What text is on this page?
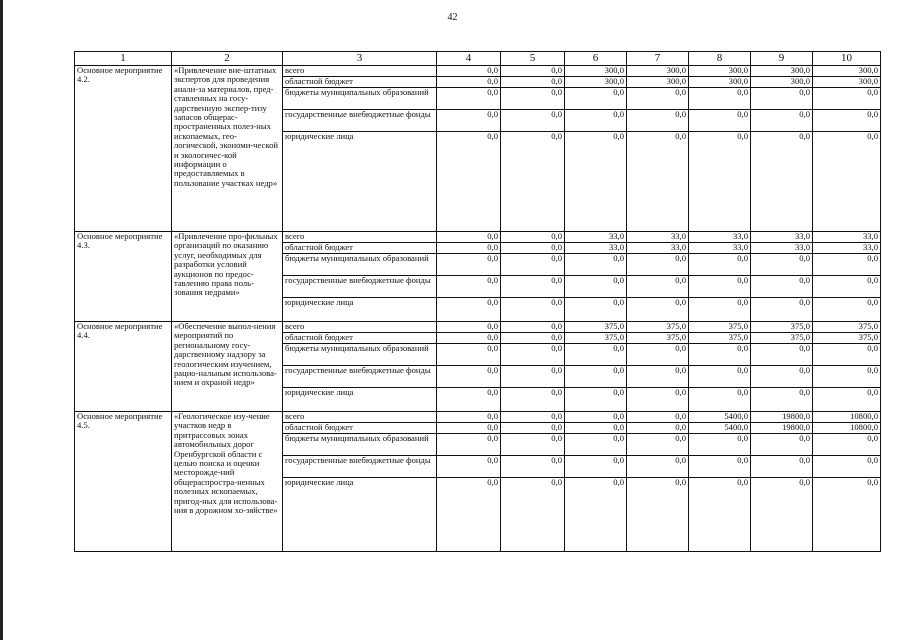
42
1	2	3	4	5	6	7	8	9	10
Основное мероприятие 4.2.	«Привлечение вне-штатных экспертов для проведения анали-за материалов, пред-ставленных на госу-дарственную экспер-тизу запасов общерас-пространенных полез-ных ископаемых, гео-логической, экономи-ческой и экологичес-кой информации о предоставляемых в пользование участках недр»	всего	0,0	0,0	300,0	300,0	300,0	300,0	300,0
		областной бюджет	0,0	0,0	300,0	300,0	300,0	300,0	300,0
		бюджеты муниципальных образований	0,0	0,0	0,0	0,0	0,0	0,0	0,0
		государственные внебюджетные фонды	0,0	0,0	0,0	0,0	0,0	0,0	0,0
		юридические лица	0,0	0,0	0,0	0,0	0,0	0,0	0,0
Основное мероприятие 4.3.	«Привлечение про-фильных организаций по оказанию услуг, необходимых для разработки условий аукционов по предос-тавлению права поль-зования недрами»	всего	0,0	0,0	33,0	33,0	33,0	33,0	33,0
		областной бюджет	0,0	0,0	33,0	33,0	33,0	33,0	33,0
		бюджеты муниципальных образований	0,0	0,0	0,0	0,0	0,0	0,0	0,0
		государственные внебюджетные фонды	0,0	0,0	0,0	0,0	0,0	0,0	0,0
		юридические лица	0,0	0,0	0,0	0,0	0,0	0,0	0,0
Основное мероприятие 4.4.	«Обеспечение выпол-нения мероприятий по региональному госу-дарственному надзору за геологическим изучением, рацио-нальным использова-нием и охраной недр»	всего	0,0	0,0	375,0	375,0	375,0	375,0	375,0
		областной бюджет	0,0	0,0	375,0	375,0	375,0	375,0	375,0
		бюджеты муниципальных образований	0,0	0,0	0,0	0,0	0,0	0,0	0,0
		государственные внебюджетные фонды	0,0	0,0	0,0	0,0	0,0	0,0	0,0
		юридические лица	0,0	0,0	0,0	0,0	0,0	0,0	0,0
Основное мероприятие 4.5.	«Геологическое изу-чение участков недр в притрассовых зонах автомобильных дорог Оренбургской области с целью поиска и оценки месторожде-ний общераспростра-ненных полезных ископаемых, пригод-ных для использова-ния в дорожном хо-зяйстве»	всего	0,0	0,0	0,0	0,0	5400,0	19800,0	10800,0
		областной бюджет	0,0	0,0	0,0	0,0	5400,0	19800,0	10800,0
		бюджеты муниципальных образований	0,0	0,0	0,0	0,0	0,0	0,0	0,0
		государственные внебюджетные фонды	0,0	0,0	0,0	0,0	0,0	0,0	0,0
		юридические лица	0,0	0,0	0,0	0,0	0,0	0,0	0,0
